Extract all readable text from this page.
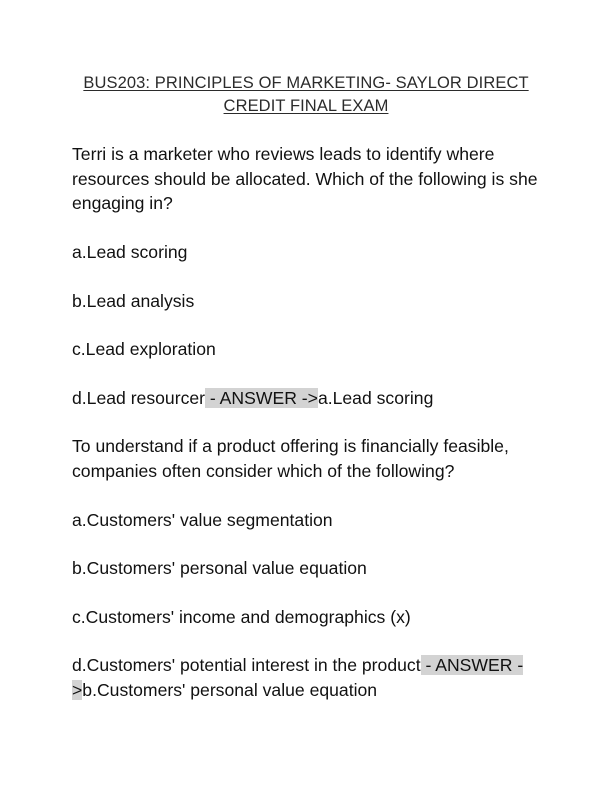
BUS203: PRINCIPLES OF MARKETING- SAYLOR DIRECT
CREDIT FINAL EXAM

Terri is a marketer who reviews leads to identify where resources should be allocated. Which of the following is she engaging in?

a.Lead scoring

b.Lead analysis

c.Lead exploration

d.Lead resourcer - ANSWER ->a.Lead scoring

To understand if a product offering is financially feasible, companies often consider which of the following?

a.Customers' value segmentation

b.Customers' personal value equation

c.Customers' income and demographics (x)

d.Customers' potential interest in the product - ANSWER ->b.Customers' personal value equation
